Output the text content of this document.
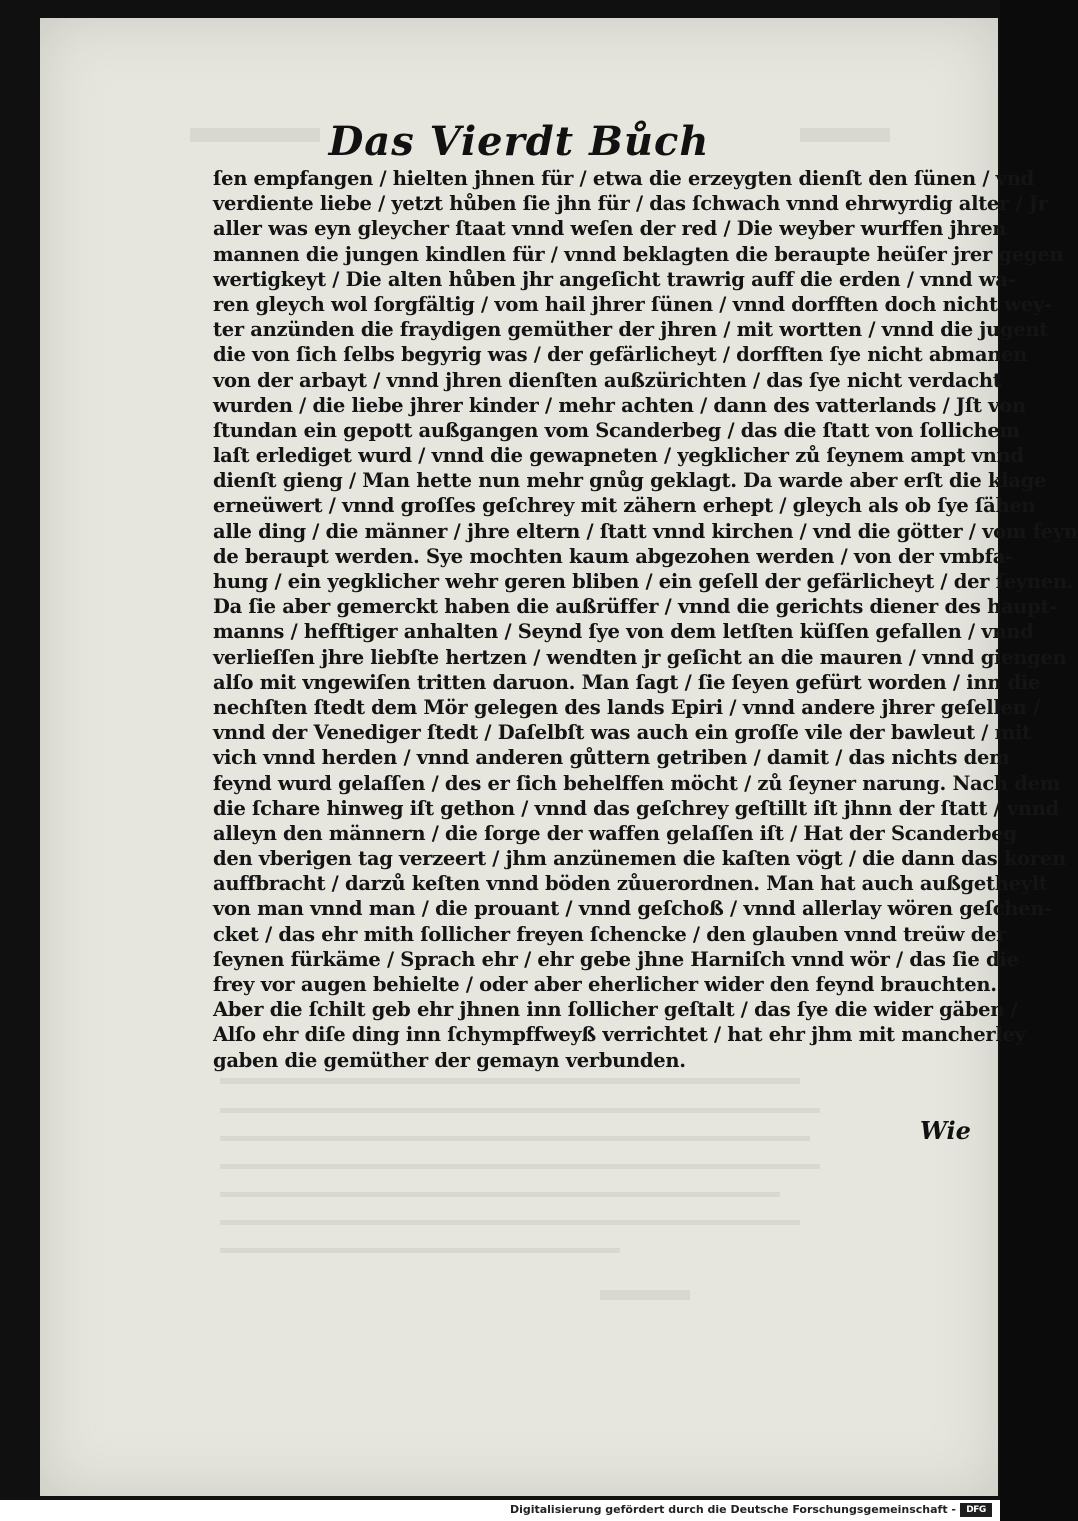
Das Vierdt Bůch
ſen empfangen / hielten jhnen für / etwa die erzeygten dienſt den ſünen / vnd
verdiente liebe / yetzt hůben ſie jhn für / das ſchwach vnnd ehrwyrdig alter / Jr
aller was eyn gleycher ſtaat vnnd weſen der red / Die weyber wurffen jhren
mannen die jungen kindlen für / vnnd beklagten die beraupte heüſer jrer gegen
wertigkeyt / Die alten hůben jhr angeſicht trawrig auff die erden / vnnd wa-
ren gleych wol ſorgfältig / vom hail jhrer ſünen / vnnd dorfften doch nicht wey-
ter anzünden die fraydigen gemüther der jhren / mit wortten / vnnd die jugent
die von ſich ſelbs begyrig was / der gefärlicheyt / dorfften ſye nicht abmanen
von der arbayt / vnnd jhren dienſten außzürichten / das ſye nicht verdacht
wurden / die liebe jhrer kinder / mehr achten / dann des vatterlands / Jſt von
ſtundan ein gepott außgangen vom Scanderbeg / das die ſtatt von ſollichem
laſt erlediget wurd / vnnd die gewapneten / yegklicher zů ſeynem ampt vnnd
dienſt gieng / Man hette nun mehr gnůg geklagt. Da warde aber erſt die klage
erneüwert / vnnd groſſes geſchrey mit zähern erhept / gleych als ob ſye ſähen
alle ding / die männer / jhre eltern / ſtatt vnnd kirchen / vnd die götter / vom feyn
de beraupt werden. Sye mochten kaum abgezohen werden / von der vmbfa-
hung / ein yegklicher wehr geren bliben / ein geſell der gefärlicheyt / der ſeynen.
Da ſie aber gemerckt haben die außrüffer / vnnd die gerichts diener des haupt-
manns / hefftiger anhalten / Seynd ſye von dem letſten küſſen gefallen / vnnd
verlieſſen jhre liebſte hertzen / wendten jr geſicht an die mauren / vnnd giengen
alſo mit vngewiſen tritten daruon. Man ſagt / ſie ſeyen gefürt worden / inn die
nechſten ſtedt dem Mör gelegen des lands Epiri / vnnd andere jhrer geſellen /
vnnd der Venediger ſtedt / Daſelbſt was auch ein groſſe vile der bawleut / mit
vich vnnd herden / vnnd anderen gůttern getriben / damit / das nichts dem
feynd wurd gelaſſen / des er ſich behelffen möcht / zů ſeyner narung. Nach dem
die ſchare hinweg iſt gethon / vnnd das geſchrey geſtillt iſt jhnn der ſtatt / vnnd
alleyn den männern / die ſorge der waffen gelaſſen iſt / Hat der Scanderbeg
den vberigen tag verzeert / jhm anzünemen die kaſten vögt / die dann das koren
auffbracht / darzů keſten vnnd böden zůuerordnen. Man hat auch außgetheylt
von man vnnd man / die prouant / vnnd geſchoß / vnnd allerlay wören geſchen-
cket / das ehr mith ſollicher freyen ſchencke / den glauben vnnd treüw der
ſeynen fürkäme / Sprach ehr / ehr gebe jhne Harniſch vnnd wör / das ſie die
frey vor augen behielte / oder aber eherlicher wider den feynd brauchten.
Aber die ſchilt geb ehr jhnen inn ſollicher geſtalt / das ſye die wider gäben /
Alſo ehr diſe ding inn ſchympffweyß verrichtet / hat ehr jhm mit mancherley
gaben die gemüther der gemayn verbunden.
Wie
Digitalisierung gefördert durch die Deutsche Forschungsgemeinschaft -	DFG
